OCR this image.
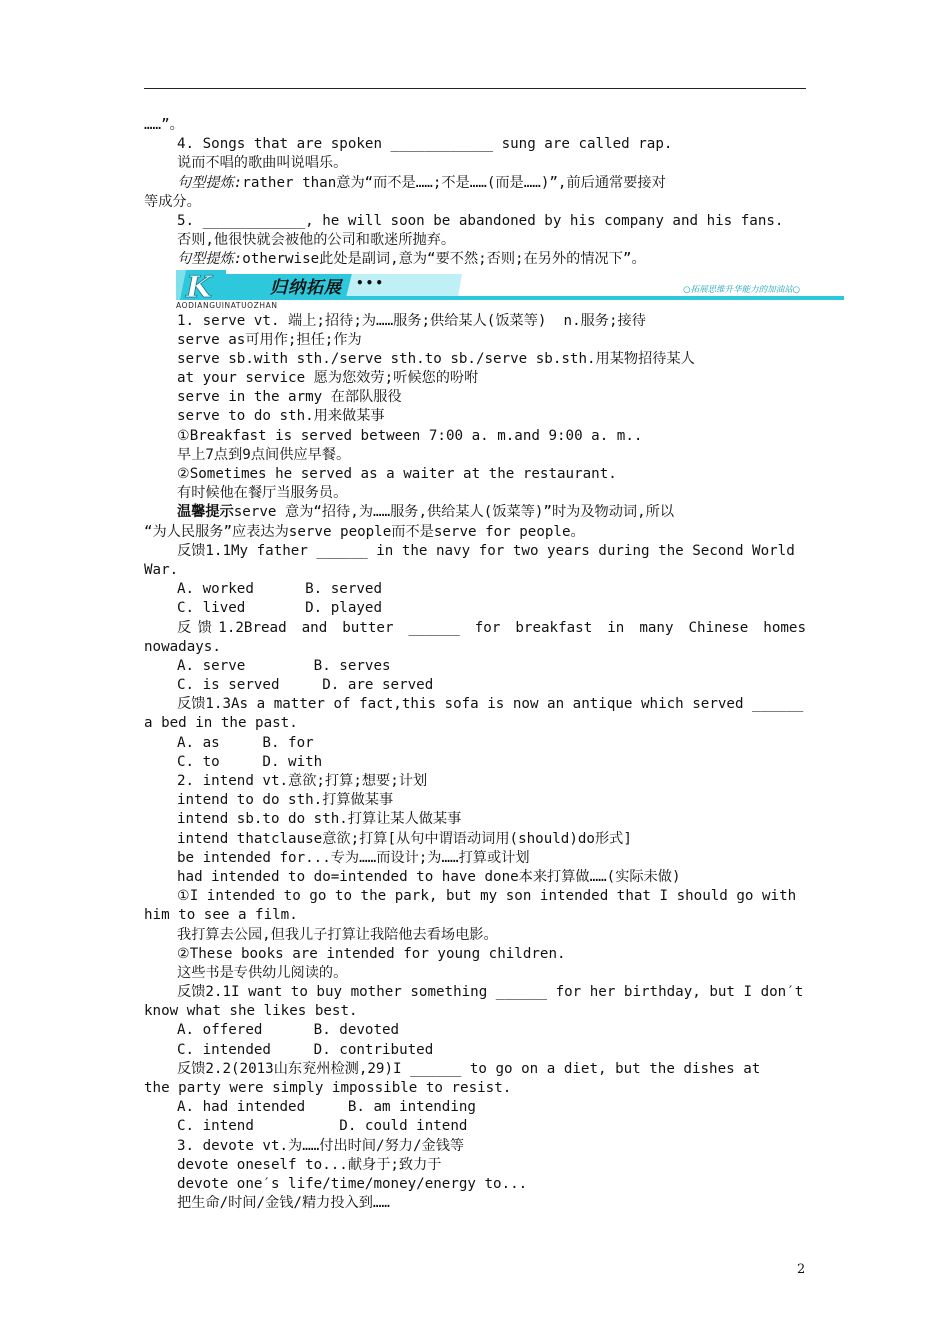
……”。
4. Songs that are spoken ____________ sung are called rap.
说而不唱的歌曲叫说唱乐。
句型提炼:rather than意为“而不是……;不是……(而是……)”,前后通常要接对
等成分。
5. ____________, he will soon be abandoned by his company and his fans.
否则,他很快就会被他的公司和歌迷所抛弃。
句型提炼:otherwise此处是副词,意为“要不然;否则;在另外的情况下”。
K	归纳拓展 •••
AODIANGUINATUOZHAN
○拓展思维升华能力的加油站○
1. serve vt. 端上;招待;为……服务;供给某人(饭菜等)  n.服务;接待
serve as可用作;担任;作为
serve sb.with sth./serve sth.to sb./serve sb.sth.用某物招待某人
at your service 愿为您效劳;听候您的吩咐
serve in the army 在部队服役
serve to do sth.用来做某事
①Breakfast is served between 7:00 a. m.and 9:00 a. m..
早上7点到9点间供应早餐。
②Sometimes he served as a waiter at the restaurant.
有时候他在餐厅当服务员。
温馨提示serve 意为“招待,为……服务,供给某人(饭菜等)”时为及物动词,所以
“为人民服务”应表达为serve people而不是serve for people。
反馈1.1My father ______ in the navy for two years during the Second World
War.
A. worked      B. served
C. lived       D. played
反馈1.2Bread and butter ______ for breakfast in many Chinese homes
nowadays.
A. serve        B. serves
C. is served     D. are served
反馈1.3As a matter of fact,this sofa is now an antique which served ______
a bed in the past.
A. as     B. for
C. to     D. with
2. intend vt.意欲;打算;想要;计划
intend to do sth.打算做某事
intend sb.to do sth.打算让某人做某事
intend thatclause意欲;打算[从句中谓语动词用(should)do形式]
be intended for...专为……而设计;为……打算或计划
had intended to do=intended to have done本来打算做……(实际未做)
①I intended to go to the park, but my son intended that I should go with
him to see a film.
我打算去公园,但我儿子打算让我陪他去看场电影。
②These books are intended for young children.
这些书是专供幼儿阅读的。
反馈2.1I want to buy mother something ______ for her birthday, but I don′t
know what she likes best.
A. offered      B. devoted
C. intended     D. contributed
反馈2.2(2013山东兖州检测,29)I ______ to go on a diet, but the dishes at
the party were simply impossible to resist.
A. had intended     B. am intending
C. intend          D. could intend
3. devote vt.为……付出时间/努力/金钱等
devote oneself to...献身于;致力于
devote one′s life/time/money/energy to...
把生命/时间/金钱/精力投入到……
2
